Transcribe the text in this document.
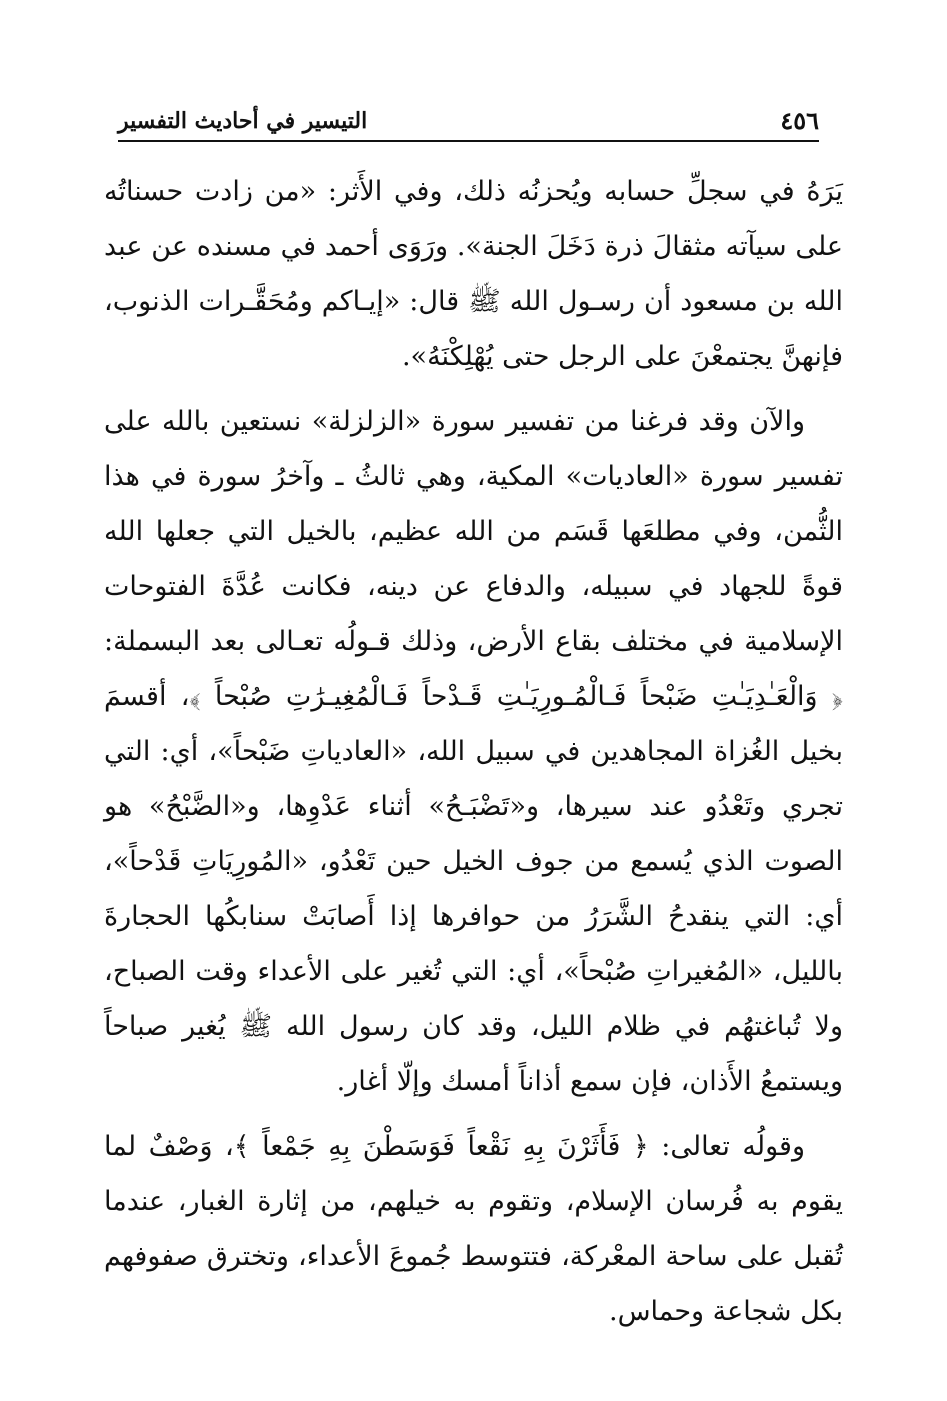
٤٥٦
التيسير في أحاديث التفسير

يَرَهُ في سجلِّ حسابه ويُحزنُه ذلك، وفي الأَثر: «من زادت حسناتُه على سيآته مثقالَ ذرة دَخَلَ الجنة». ورَوَى أحمد في مسنده عن عبد الله بن مسعود أن رسـول الله ﷺ قال: «إيـاكم ومُحَقَّـرات الذنوب، فإنهنَّ يجتمعْنَ على الرجل حتى يُهْلِكْنَهُ».

والآن وقد فرغنا من تفسير سورة «الزلزلة» نستعين بالله على تفسير سورة «العاديات» المكية، وهي ثالثُ ـ وآخرُ سورة في هذا الثُّمن، وفي مطلعَها قَسَم من الله عظيم، بالخيل التي جعلها الله قوةً للجهاد في سبيله، والدفاع عن دينه، فكانت عُدَّةَ الفتوحات الإسلامية في مختلف بقاع الأرض، وذلك قـولُه تعـالى بعد البسملة: ﴿ وَالْعَـٰدِيَـٰتِ ضَبْحاً فَـالْمُـورِيَـٰتِ قَـدْحاً فَـالْمُغِيـرَٰتِ صُبْحاً ﴾، أقسمَ بخيل الغُزاة المجاهدين في سبيل الله، «العادياتِ ضَبْحاً»، أي: التي تجري وتَعْدُو عند سيرها، و«تَضْبَـحُ» أثناء عَدْوِها، و«الضَّبْحُ» هو الصوت الذي يُسمع من جوف الخيل حين تَعْدُو، «المُورِيَاتِ قَدْحاً»، أي: التي ينقدحُ الشَّرَرُ من حوافرها إذا أَصابَتْ سنابكُها الحجارةَ بالليل، «المُغيراتِ صُبْحاً»، أي: التي تُغير على الأعداء وقت الصباح، ولا تُباغتهُم في ظلام الليل، وقد كان رسول الله ﷺ يُغير صباحاً ويستمعُ الأَذان، فإن سمع أذاناً أمسك وإلّا أغار.

وقولُه تعالى: ﴿ فَأَثَرْنَ بِهِ نَقْعاً فَوَسَطْنَ بِهِ جَمْعاً ﴾، وَصْفٌ لما يقوم به فُرسان الإسلام، وتقوم به خيلهم، من إثارة الغبار، عندما تُقبل على ساحة المعْركة، فتتوسط جُموعَ الأعداء، وتخترق صفوفهم بكل شجاعة وحماس.
